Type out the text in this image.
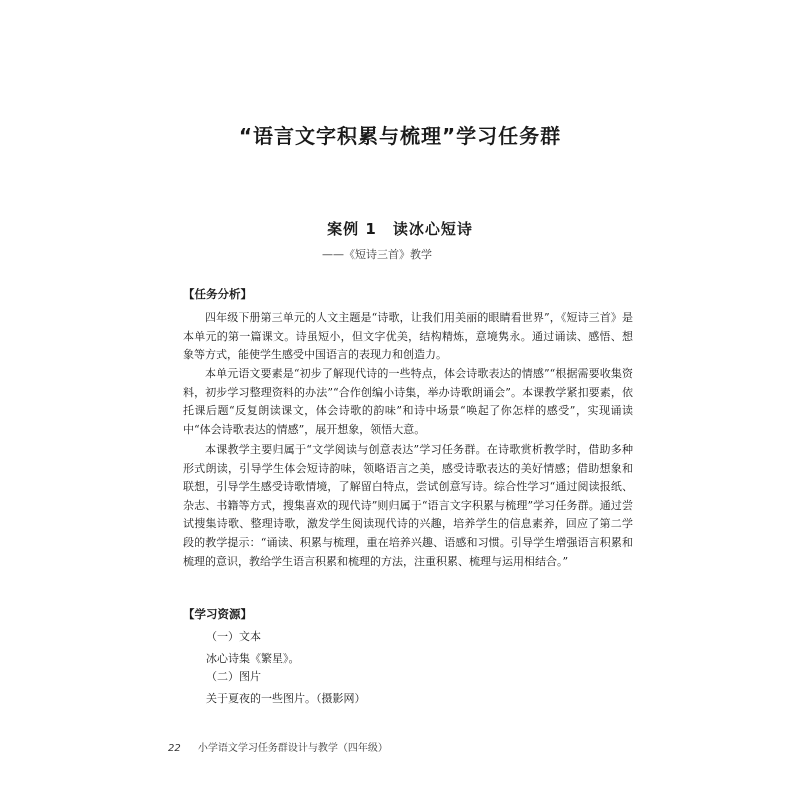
“语言文字积累与梳理”学习任务群
案例 1　读冰心短诗
——《短诗三首》教学
【任务分析】

四年级下册第三单元的人文主题是“诗歌，让我们用美丽的眼睛看世界”，《短诗三首》是本单元的第一篇课文。诗虽短小，但文字优美，结构精炼，意境隽永。通过诵读、感悟、想象等方式，能使学生感受中国语言的表现力和创造力。

本单元语文要素是“初步了解现代诗的一些特点，体会诗歌表达的情感”“根据需要收集资料，初步学习整理资料的办法”“合作创编小诗集，举办诗歌朗诵会”。本课教学紧扣要素，依托课后题“反复朗读课文，体会诗歌的韵味”和诗中场景“唤起了你怎样的感受”，实现诵读中“体会诗歌表达的情感”，展开想象，领悟大意。

本课教学主要归属于“文学阅读与创意表达”学习任务群。在诗歌赏析教学时，借助多种形式朗读，引导学生体会短诗韵味，领略语言之美，感受诗歌表达的美好情感；借助想象和联想，引导学生感受诗歌情境，了解留白特点，尝试创意写诗。综合性学习“通过阅读报纸、杂志、书籍等方式，搜集喜欢的现代诗”则归属于“语言文字积累与梳理”学习任务群。通过尝试搜集诗歌、整理诗歌，激发学生阅读现代诗的兴趣，培养学生的信息素养，回应了第二学段的教学提示：“诵读、积累与梳理，重在培养兴趣、语感和习惯。引导学生增强语言积累和梳理的意识，教给学生语言积累和梳理的方法，注重积累、梳理与运用相结合。”

【学习资源】
（一）文本
冰心诗集《繁星》。
（二）图片
关于夏夜的一些图片。（摄影网）
22 小学语文学习任务群设计与教学（四年级）
